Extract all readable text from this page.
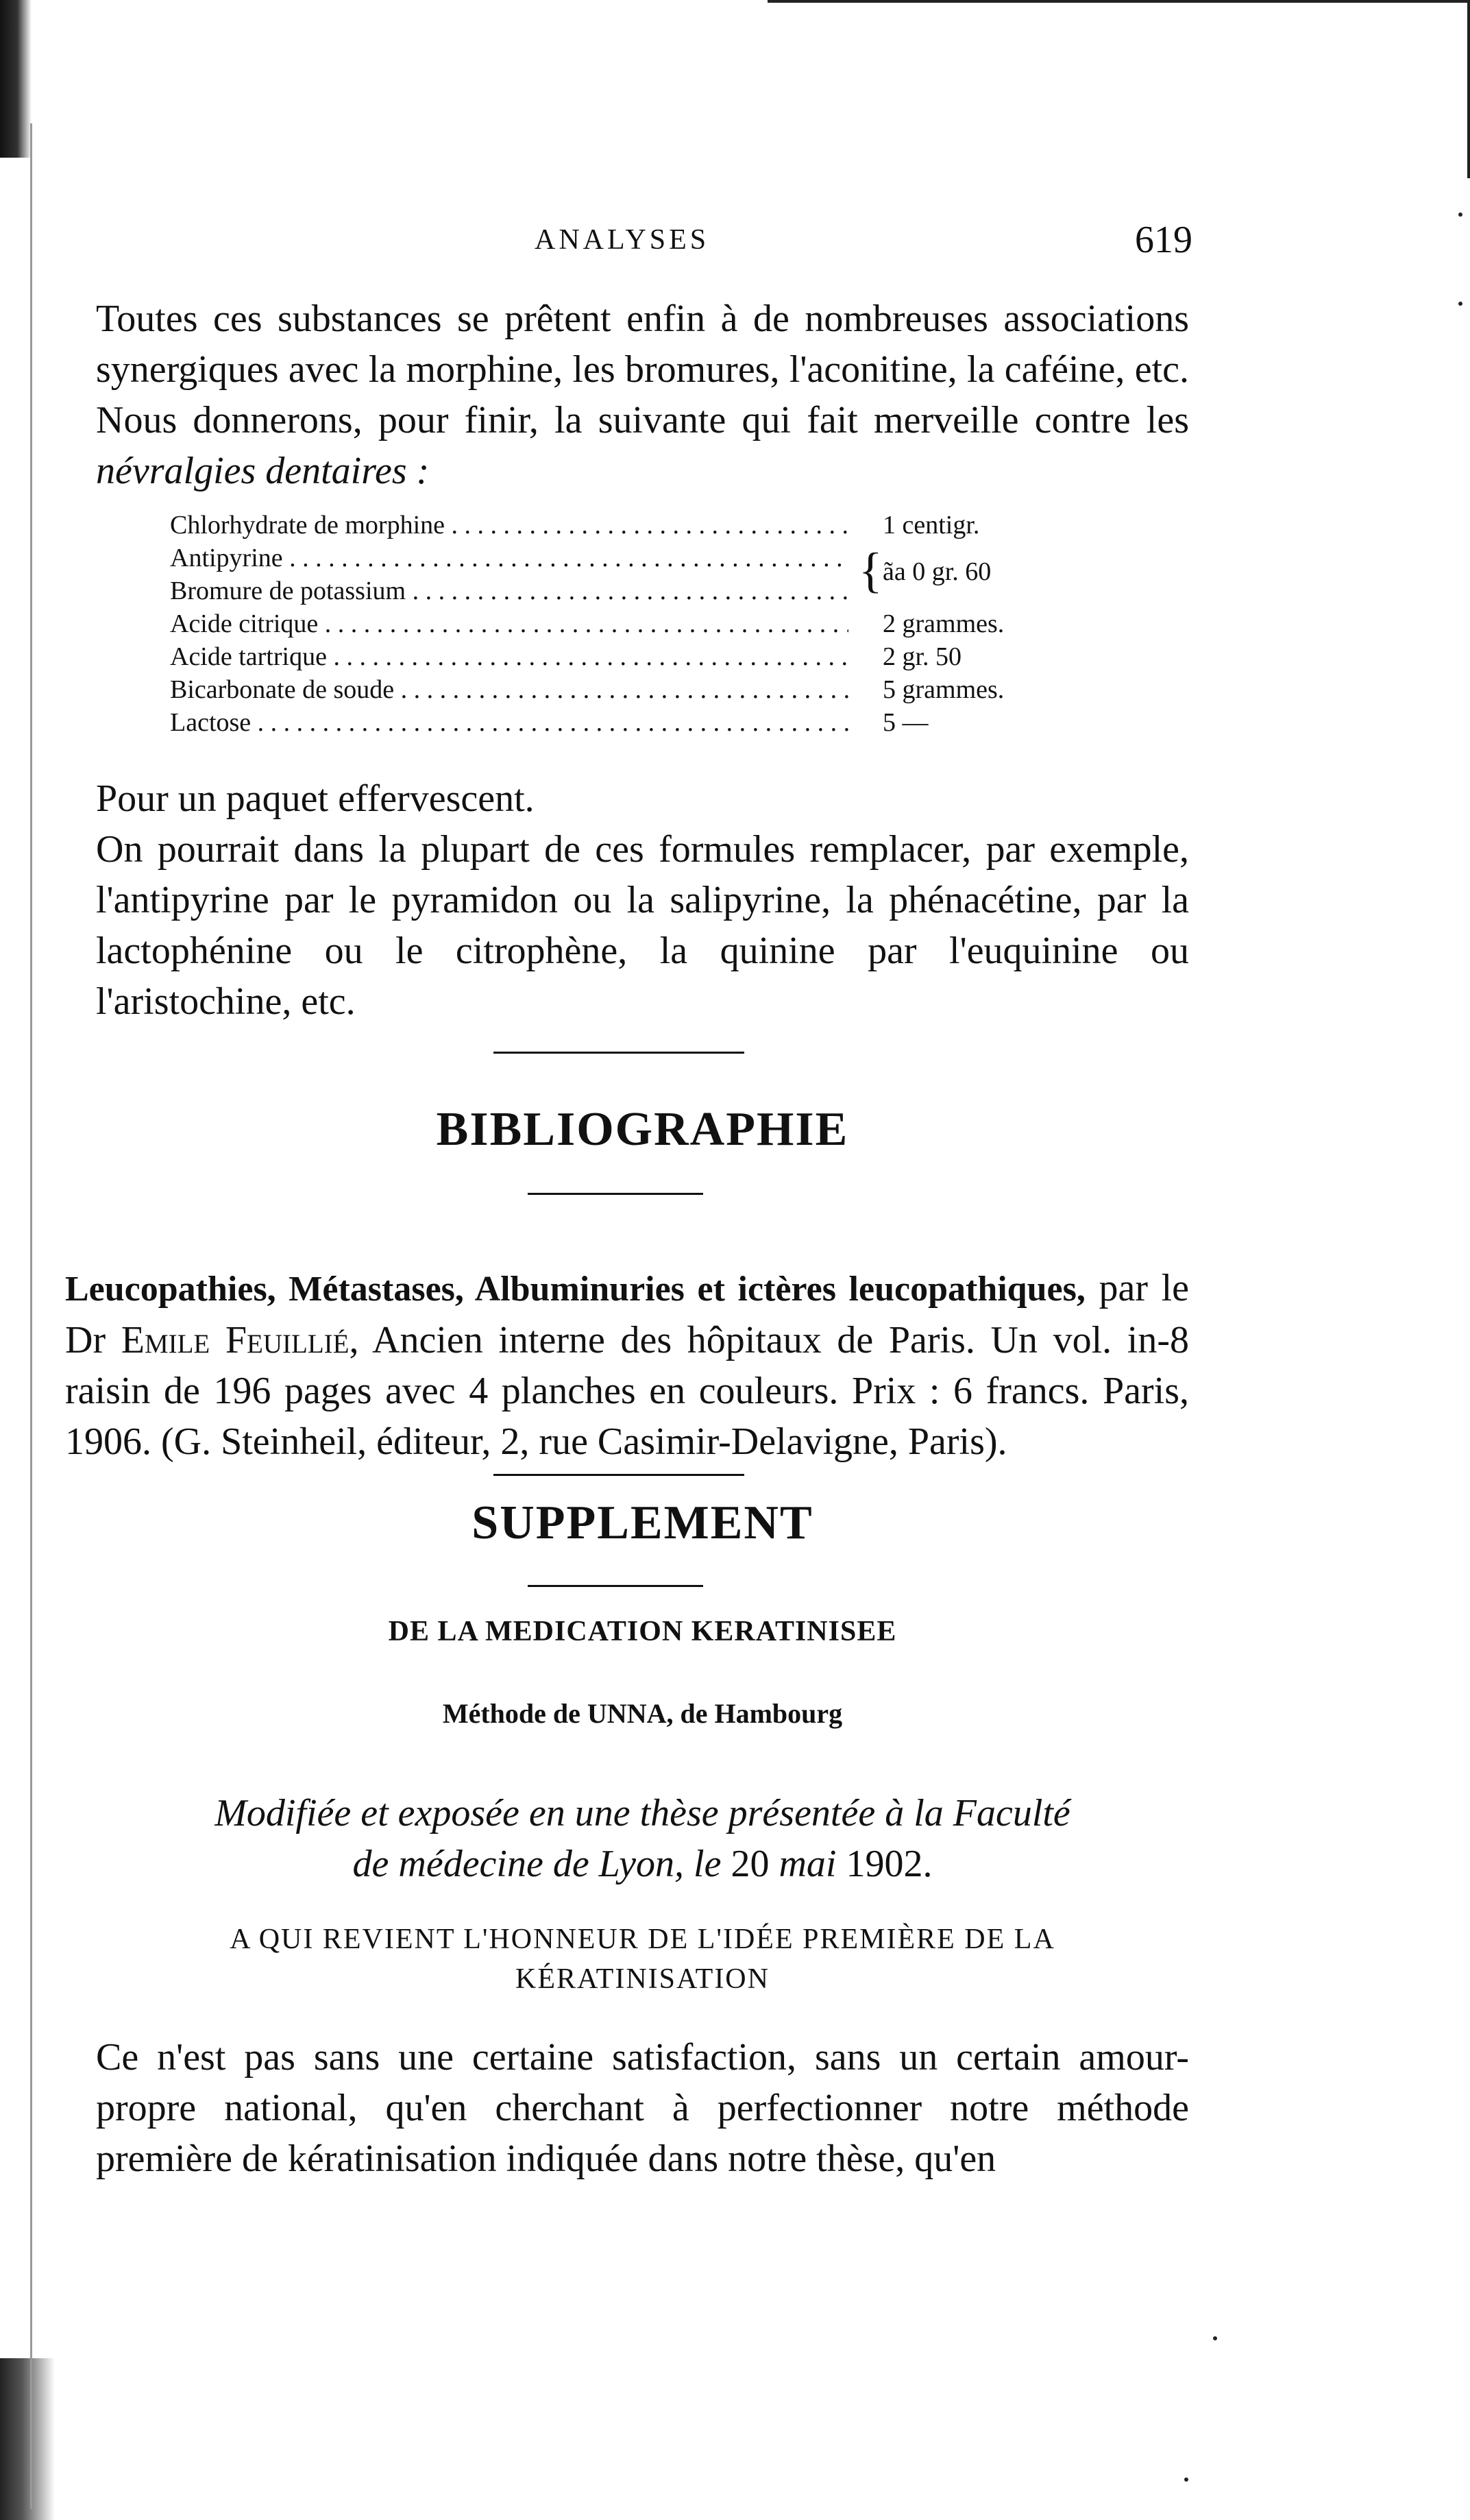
ANALYSES	619

Toutes ces substances se prêtent enfin à de nombreuses associations synergiques avec la morphine, les bromures, l'aconitine, la caféine, etc. Nous donnerons, pour finir, la suivante qui fait merveille contre les névralgies dentaires :

Chlorhydrate de morphine . . .	1 centigr.
Antipyrine . . .
Bromure de potassium . . .	{ ãa 0 gr. 60
Acide citrique . . .	2 grammes.
Acide tartrique . . .	2 gr. 50
Bicarbonate de soude . . .	5 grammes.
Lactose . . .	5 —

Pour un paquet effervescent.

On pourrait dans la plupart de ces formules remplacer, par exemple, l'antipyrine par le pyramidon ou la salipyrine, la phénacétine, par la lactophénine ou le citrophène, la quinine par l'euquinine ou l'aristochine, etc.

BIBLIOGRAPHIE

Leucopathies, Métastases, Albuminuries et ictères leucopathiques, par le Dr Emile Feuillié, Ancien interne des hôpitaux de Paris. Un vol. in-8 raisin de 196 pages avec 4 planches en couleurs. Prix : 6 francs. Paris, 1906. (G. Steinheil, éditeur, 2, rue Casimir-Delavigne, Paris).

SUPPLEMENT
DE LA MEDICATION KERATINISEE
Méthode de UNNA, de Hambourg
Modifiée et exposée en une thèse présentée à la Faculté
de médecine de Lyon, le 20 mai 1902.
A QUI REVIENT L'HONNEUR DE L'IDÉE PREMIÈRE DE LA
KÉRATINISATION

Ce n'est pas sans une certaine satisfaction, sans un certain amour-propre national, qu'en cherchant à perfectionner notre méthode première de kératinisation indiquée dans notre thèse, qu'en
